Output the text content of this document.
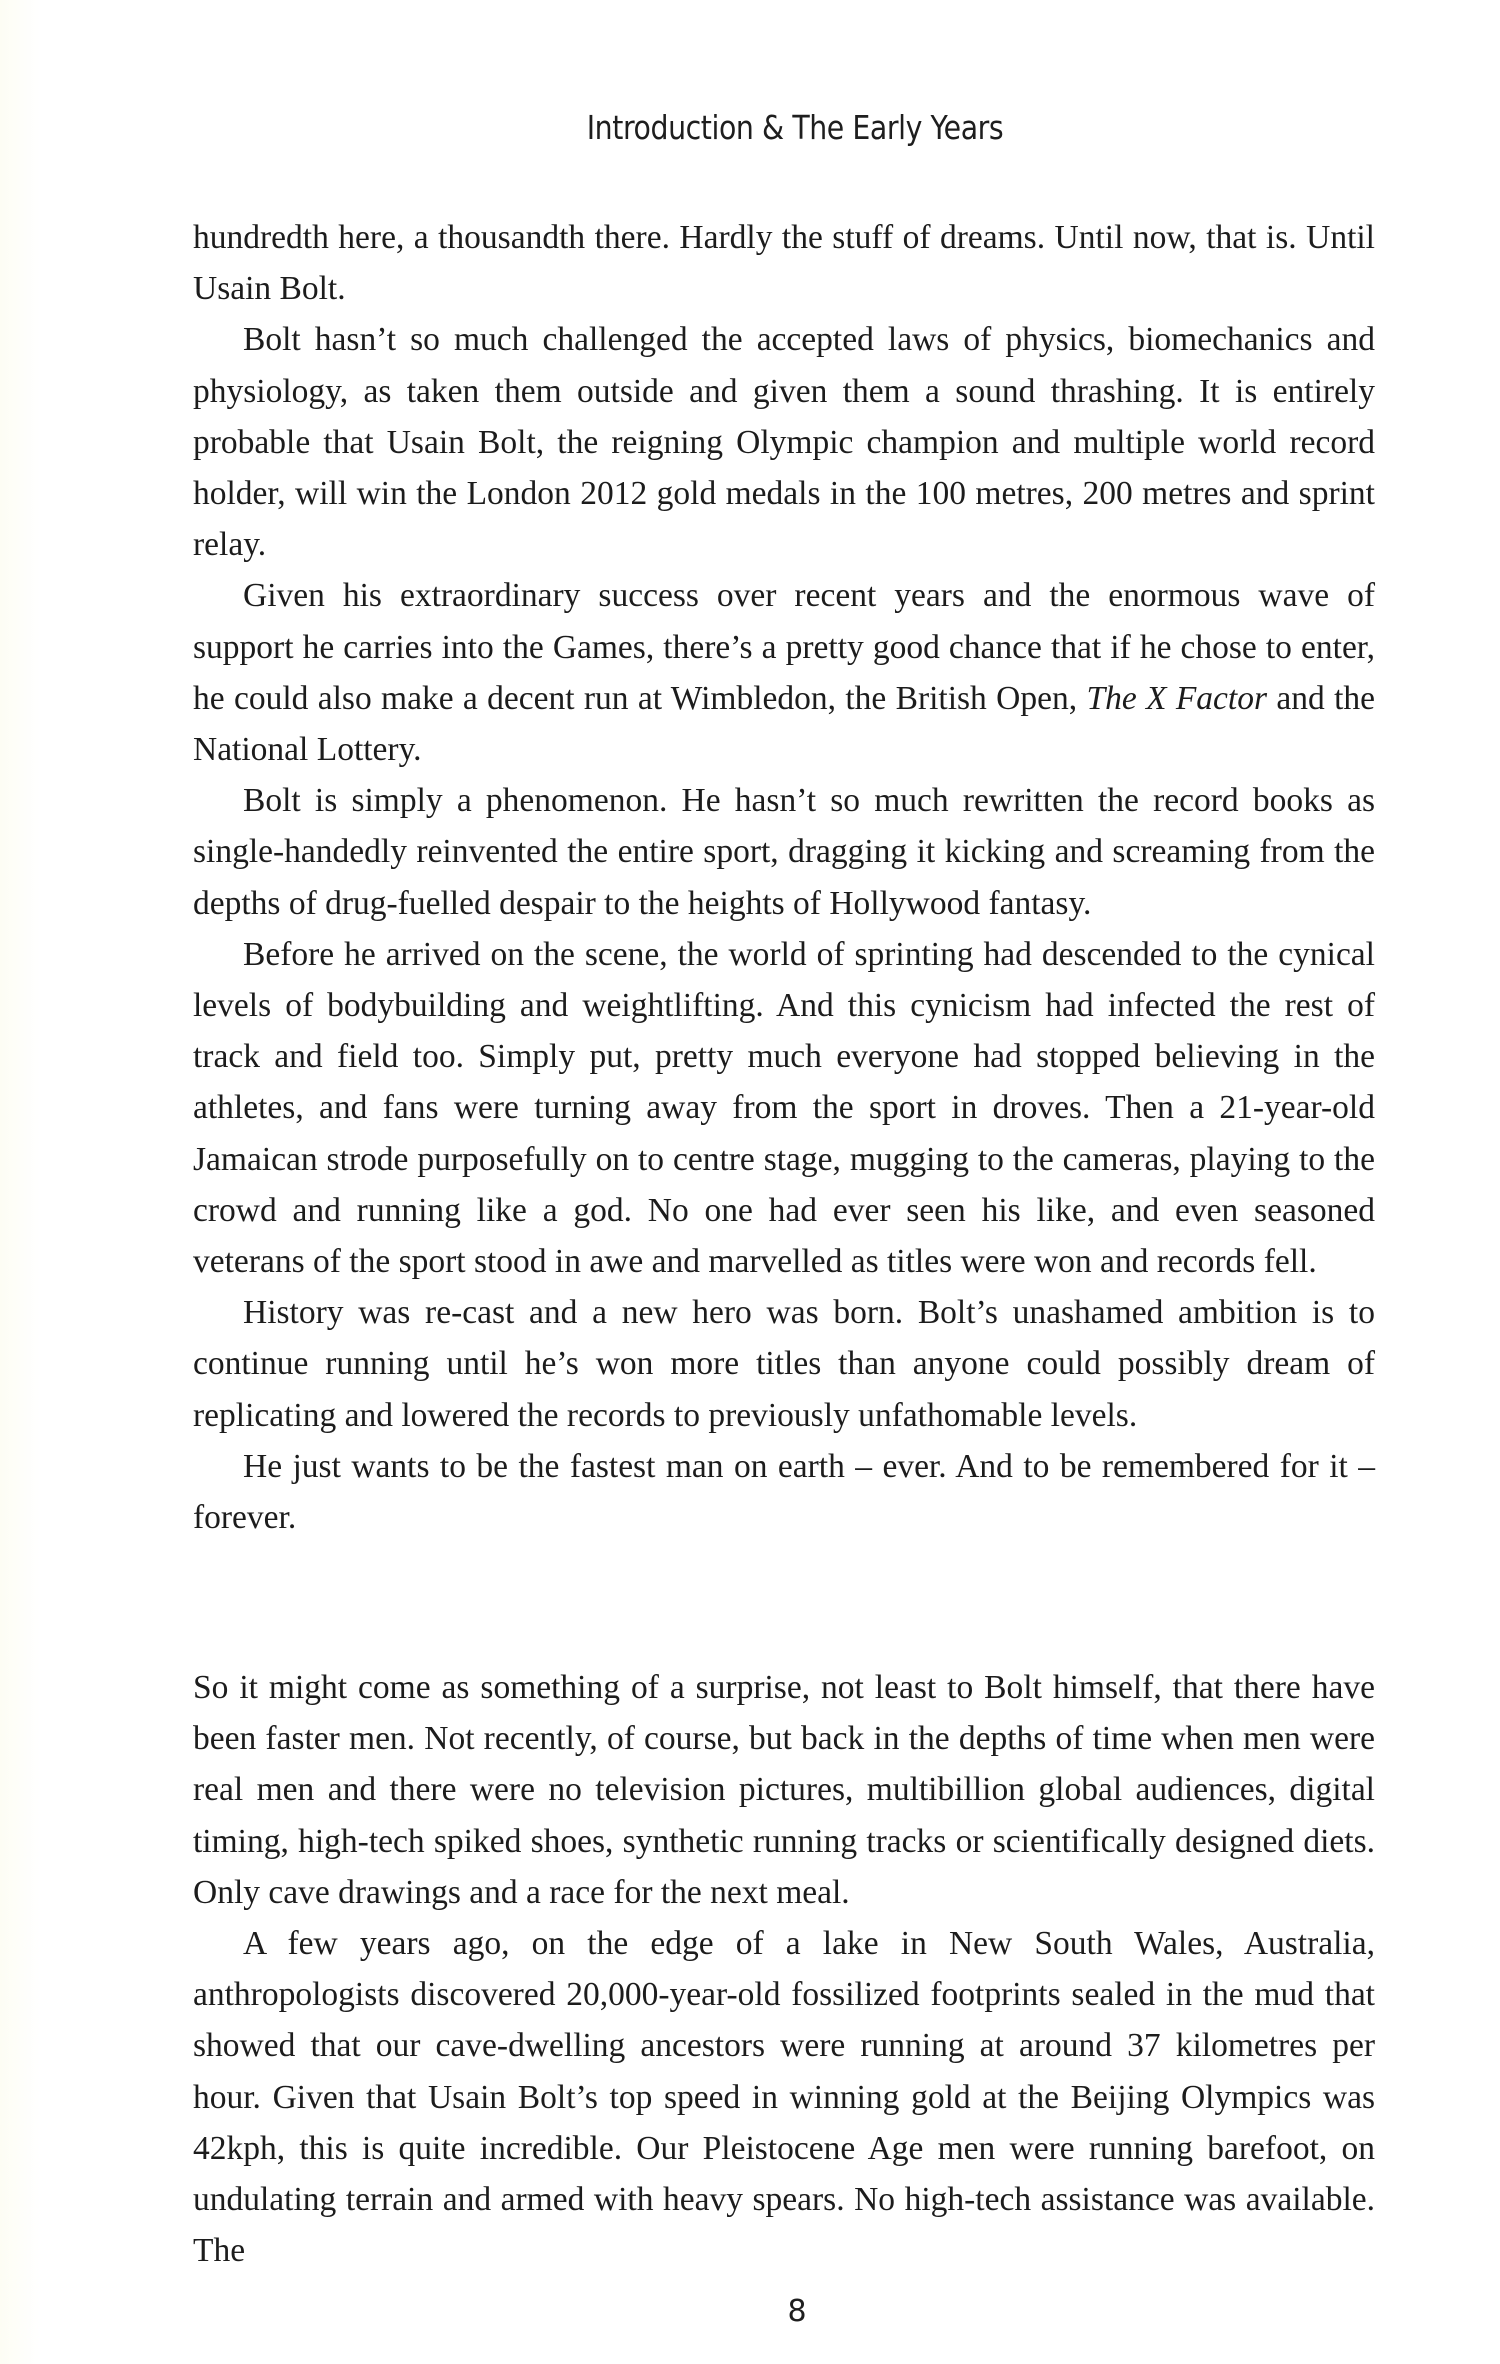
Introduction & The Early Years

hundredth here, a thousandth there. Hardly the stuff of dreams. Until now, that is. Until Usain Bolt.

Bolt hasn’t so much challenged the accepted laws of physics, biomechanics and physiology, as taken them outside and given them a sound thrashing. It is entirely probable that Usain Bolt, the reigning Olympic champion and multiple world record holder, will win the London 2012 gold medals in the 100 metres, 200 metres and sprint relay.

Given his extraordinary success over recent years and the enormous wave of support he carries into the Games, there’s a pretty good chance that if he chose to enter, he could also make a decent run at Wimbledon, the British Open, The X Factor and the National Lottery.

Bolt is simply a phenomenon. He hasn’t so much rewritten the record books as single-handedly reinvented the entire sport, dragging it kicking and screaming from the depths of drug-fuelled despair to the heights of Hollywood fantasy.

Before he arrived on the scene, the world of sprinting had descended to the cynical levels of bodybuilding and weightlifting. And this cynicism had infected the rest of track and field too. Simply put, pretty much everyone had stopped believing in the athletes, and fans were turning away from the sport in droves. Then a 21-year-old Jamaican strode purposefully on to centre stage, mugging to the cameras, playing to the crowd and running like a god. No one had ever seen his like, and even seasoned veterans of the sport stood in awe and marvelled as titles were won and records fell.

History was re-cast and a new hero was born. Bolt’s unashamed ambition is to continue running until he’s won more titles than anyone could possibly dream of replicating and lowered the records to previously unfathomable levels.

He just wants to be the fastest man on earth – ever. And to be remembered for it – forever.

So it might come as something of a surprise, not least to Bolt himself, that there have been faster men. Not recently, of course, but back in the depths of time when men were real men and there were no television pictures, multibillion global audiences, digital timing, high-tech spiked shoes, synthetic running tracks or scientifically designed diets. Only cave drawings and a race for the next meal.

A few years ago, on the edge of a lake in New South Wales, Australia, anthropologists discovered 20,000-year-old fossilized footprints sealed in the mud that showed that our cave-dwelling ancestors were running at around 37 kilometres per hour. Given that Usain Bolt’s top speed in winning gold at the Beijing Olympics was 42kph, this is quite incredible. Our Pleistocene Age men were running barefoot, on undulating terrain and armed with heavy spears. No high-tech assistance was available. The

8
